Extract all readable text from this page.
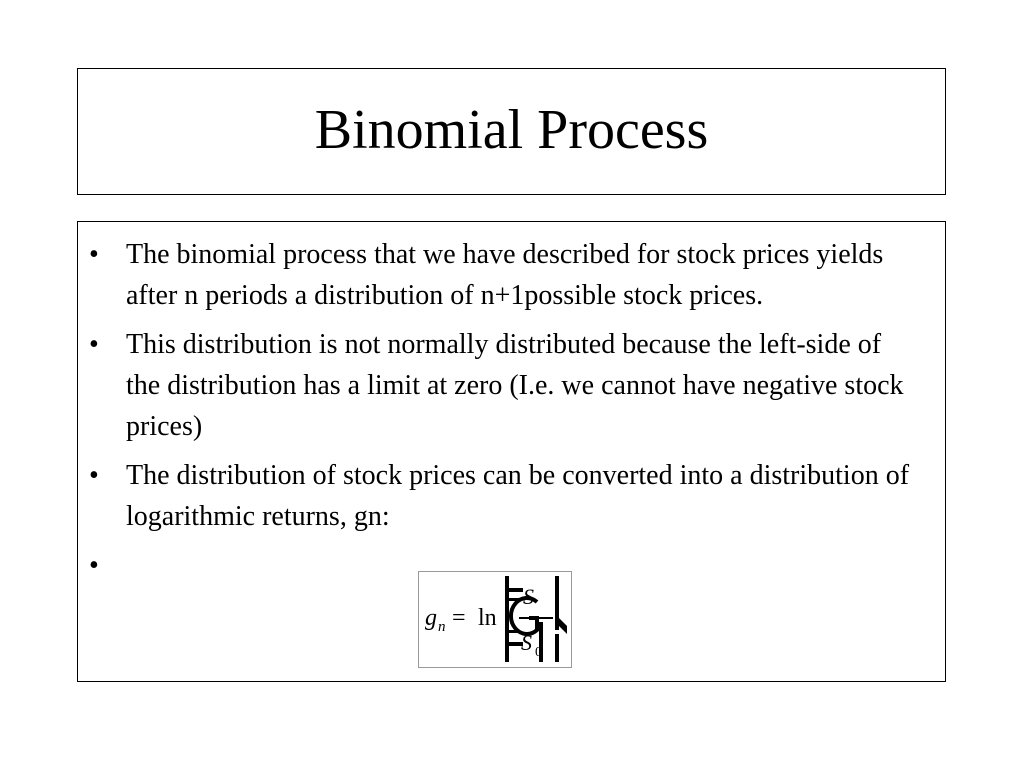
Binomial Process
• The binomial process that we have described for stock prices yields after n periods a distribution of n+1possible stock prices.
• This distribution is not normally distributed because the left-side of the distribution has a limit at zero (I.e. we cannot have negative stock prices)
• The distribution of stock prices can be converted into a distribution of logarithmic returns, gn:
•
g n = ln
S
S 0
